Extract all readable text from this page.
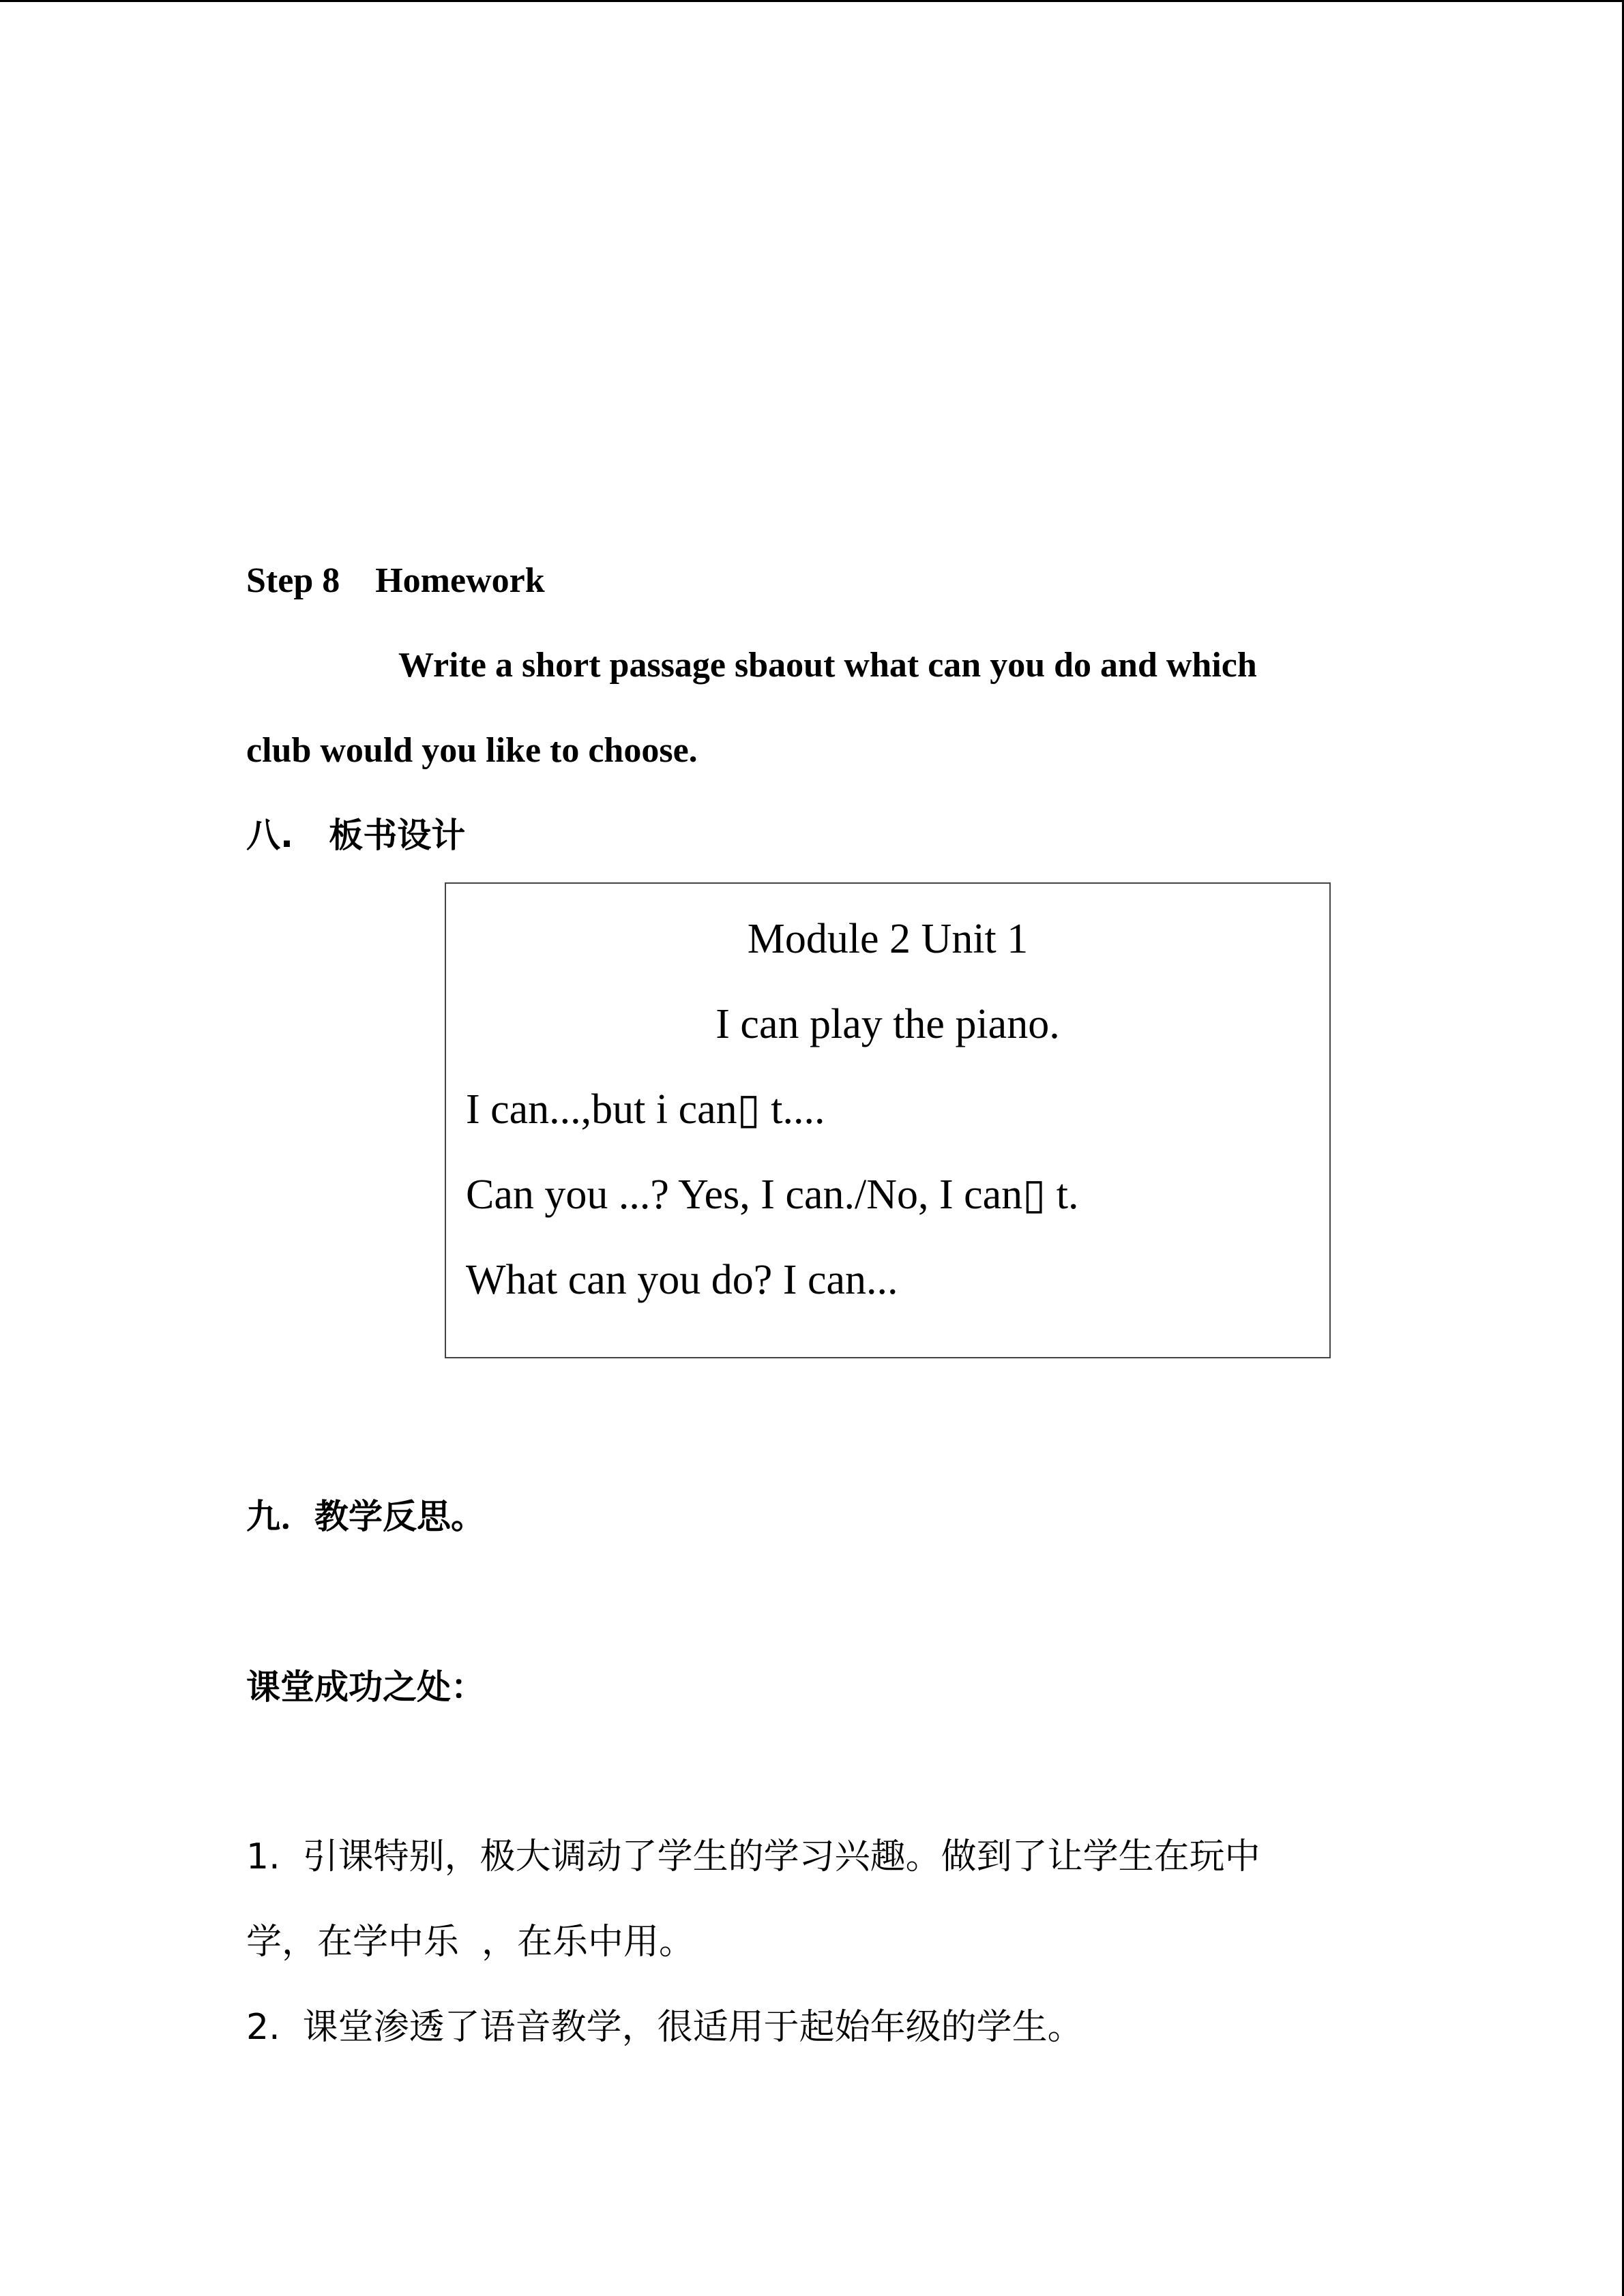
Step 8    Homework
Write a short passage sbaout what can you do and which
club would you like to choose.
八.   板书设计
Module 2 Unit 1
I can play the piano.
I can...,but i can▯ t....
Can you ...? Yes, I can./No, I can▯ t.
What can you do? I can...
九．教学反思。
课堂成功之处：
1.  引课特别，极大调动了学生的学习兴趣。做到了让学生在玩中
学，在学中乐  ，在乐中用。
2.  课堂渗透了语音教学，很适用于起始年级的学生。
